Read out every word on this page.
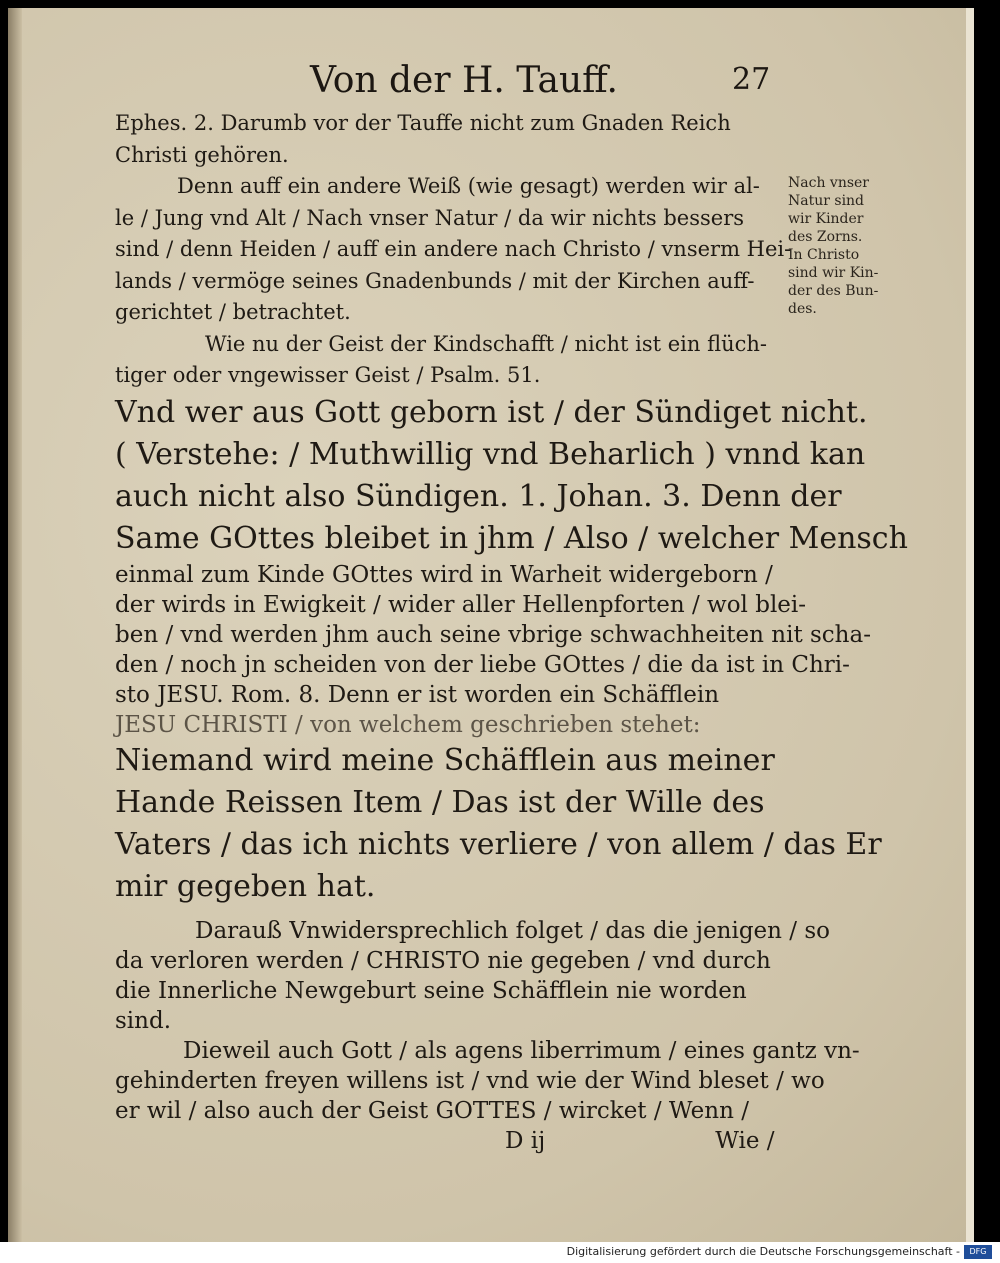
Von der H. Tauff.	27
Ephes. 2. Darumb vor der Tauffe nicht zum Gnaden Reich
Christi gehören.
Denn auff ein andere Weiß (wie gesagt) werden wir al-
le / Jung vnd Alt / Nach vnser Natur / da wir nichts bessers
sind / denn Heiden / auff ein andere nach Christo / vnserm Hei-
lands / vermöge seines Gnadenbunds / mit der Kirchen auff-
gerichtet / betrachtet.
Wie nu der Geist der Kindschafft / nicht ist ein flüch-
tiger oder vngewisser Geist / Psalm. 51.
Vnd wer aus Gott geborn ist / der Sündiget nicht.
( Verstehe: / Muthwillig vnd Beharlich ) vnnd kan
auch nicht also Sündigen. 1. Johan. 3. Denn der
Same GOttes bleibet in jhm / Also / welcher Mensch
einmal zum Kinde GOttes wird in Warheit widergeborn /
der wirds in Ewigkeit / wider aller Hellenpforten / wol blei-
ben / vnd werden jhm auch seine vbrige schwachheiten nit scha-
den / noch jn scheiden von der liebe GOttes / die da ist in Chri-
sto JESU. Rom. 8. Denn er ist worden ein Schäfflein
JESU CHRISTI / von welchem geschrieben stehet:
Niemand wird meine Schäfflein aus meiner
Hande Reissen Item / Das ist der Wille des
Vaters / das ich nichts verliere / von allem / das Er
mir gegeben hat.
Darauß Vnwidersprechlich folget / das die jenigen / so
da verloren werden / CHRISTO nie gegeben / vnd durch
die Innerliche Newgeburt seine Schäfflein nie worden
sind.
Dieweil auch Gott / als agens liberrimum / eines gantz vn-
gehinderten freyen willens ist / vnd wie der Wind bleset / wo
er wil / also auch der Geist GOTTES / wircket / Wenn /
D ij	Wie /
Nach vnser
Natur sind
wir Kinder
des Zorns.
In Christo
sind wir Kin-
der des Bun-
des.
Digitalisierung gefördert durch die Deutsche Forschungsgemeinschaft -	DFG
